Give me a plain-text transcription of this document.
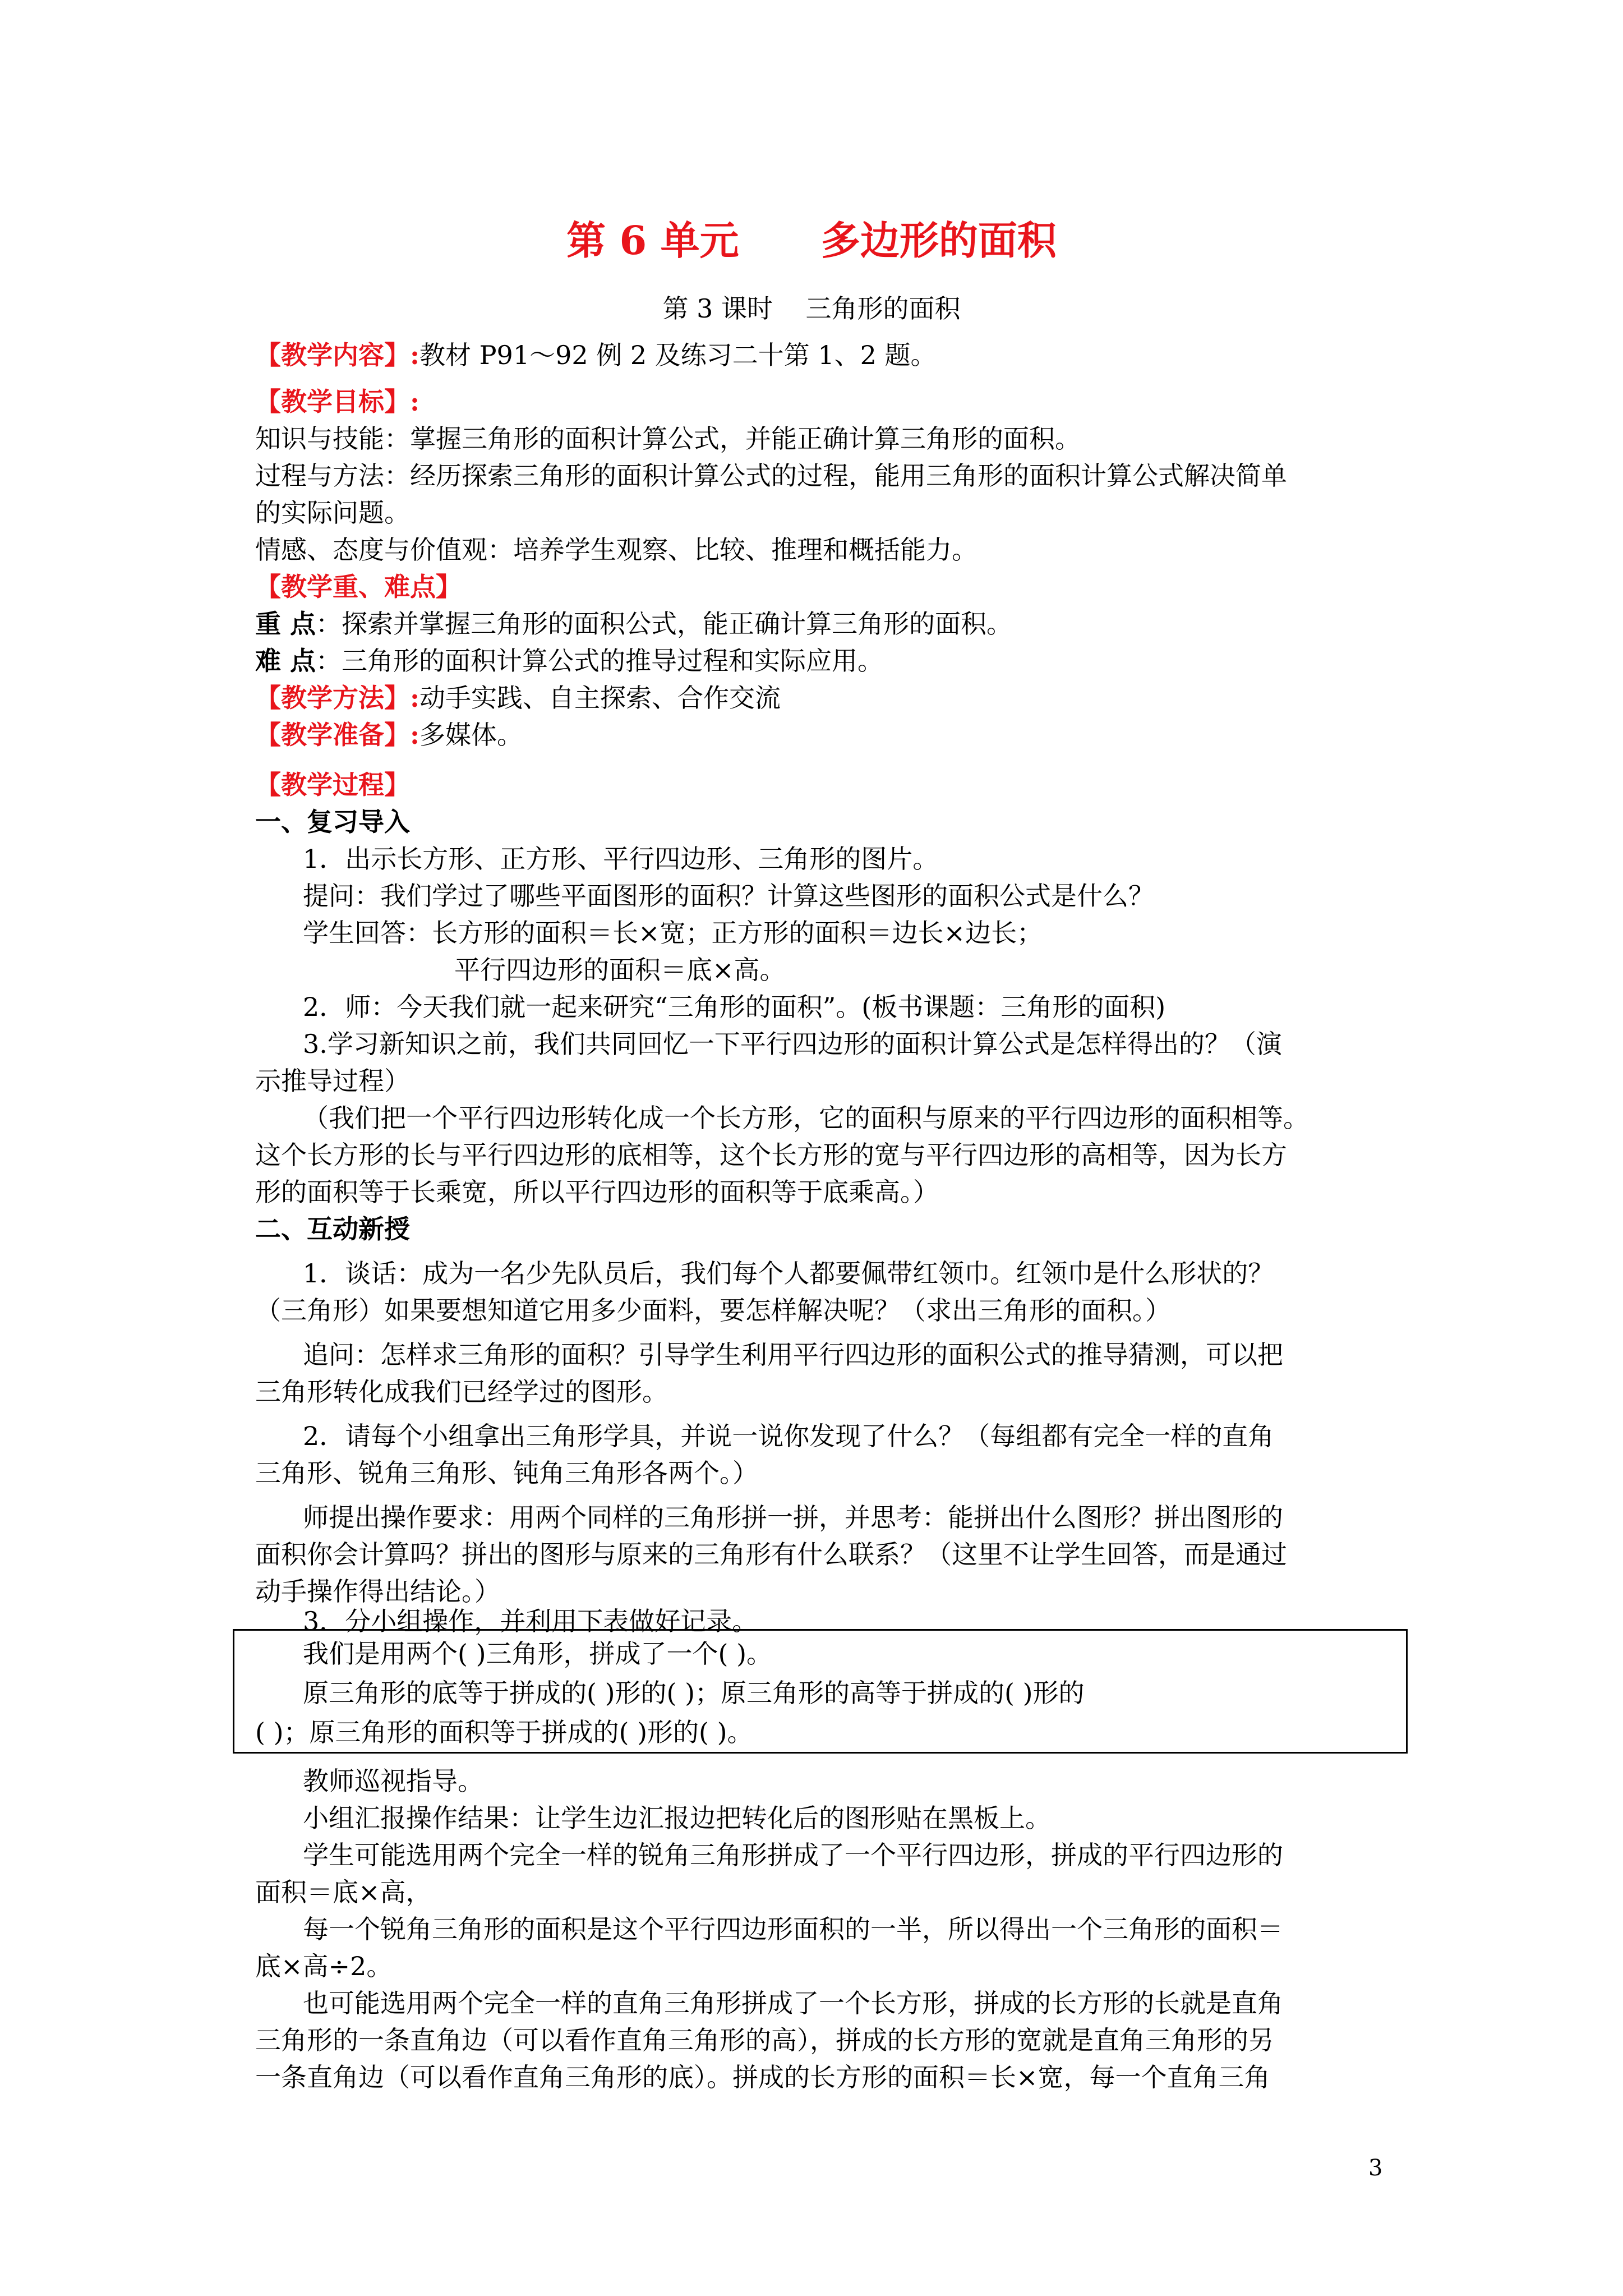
第 6 单元      多边形的面积
第 3 课时    三角形的面积
【教学内容】:教材 P91～92 例 2 及练习二十第 1、2 题。
【教学目标】:
知识与技能：掌握三角形的面积计算公式，并能正确计算三角形的面积。
过程与方法：经历探索三角形的面积计算公式的过程，能用三角形的面积计算公式解决简单
的实际问题。
情感、态度与价值观：培养学生观察、比较、推理和概括能力。
【教学重、难点】
重 点：探索并掌握三角形的面积公式，能正确计算三角形的面积。
难 点：三角形的面积计算公式的推导过程和实际应用。
【教学方法】:动手实践、自主探索、合作交流
【教学准备】:多媒体。
【教学过程】
一、复习导入
1．出示长方形、正方形、平行四边形、三角形的图片。
提问：我们学过了哪些平面图形的面积？计算这些图形的面积公式是什么？
学生回答：长方形的面积＝长×宽；正方形的面积＝边长×边长；
平行四边形的面积＝底×高。
2．师：今天我们就一起来研究“三角形的面积”。(板书课题：三角形的面积)
3.学习新知识之前，我们共同回忆一下平行四边形的面积计算公式是怎样得出的？（演
示推导过程）
（我们把一个平行四边形转化成一个长方形，它的面积与原来的平行四边形的面积相等。
这个长方形的长与平行四边形的底相等，这个长方形的宽与平行四边形的高相等，因为长方
形的面积等于长乘宽，所以平行四边形的面积等于底乘高。）
二、互动新授
1．谈话：成为一名少先队员后，我们每个人都要佩带红领巾。红领巾是什么形状的？
（三角形）如果要想知道它用多少面料，要怎样解决呢？（求出三角形的面积。）
追问：怎样求三角形的面积？引导学生利用平行四边形的面积公式的推导猜测，可以把
三角形转化成我们已经学过的图形。
2．请每个小组拿出三角形学具，并说一说你发现了什么？（每组都有完全一样的直角
三角形、锐角三角形、钝角三角形各两个。）
师提出操作要求：用两个同样的三角形拼一拼，并思考：能拼出什么图形？拼出图形的
面积你会计算吗？拼出的图形与原来的三角形有什么联系？（这里不让学生回答，而是通过
动手操作得出结论。）
3．分小组操作，并利用下表做好记录。
我们是用两个( )三角形，拼成了一个( )。
原三角形的底等于拼成的( )形的( )；原三角形的高等于拼成的( )形的
( )；原三角形的面积等于拼成的( )形的( )。
教师巡视指导。
小组汇报操作结果：让学生边汇报边把转化后的图形贴在黑板上。
学生可能选用两个完全一样的锐角三角形拼成了一个平行四边形，拼成的平行四边形的
面积＝底×高，
每一个锐角三角形的面积是这个平行四边形面积的一半，所以得出一个三角形的面积＝
底×高÷2。
也可能选用两个完全一样的直角三角形拼成了一个长方形，拼成的长方形的长就是直角
三角形的一条直角边（可以看作直角三角形的高），拼成的长方形的宽就是直角三角形的另
一条直角边（可以看作直角三角形的底）。拼成的长方形的面积＝长×宽，每一个直角三角
3
